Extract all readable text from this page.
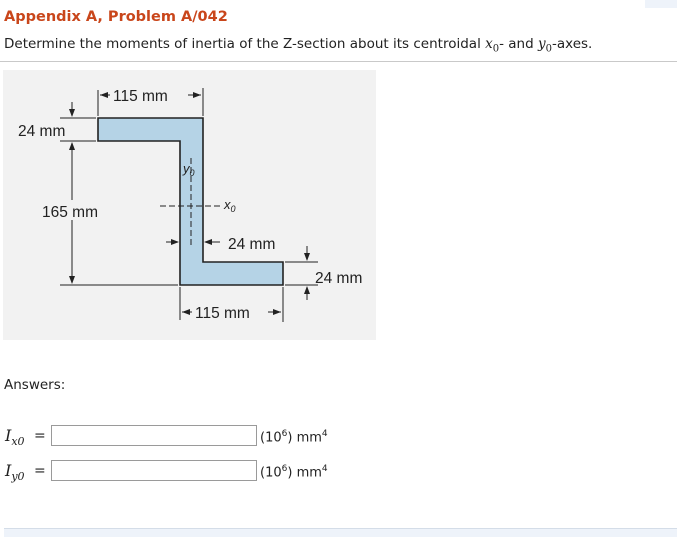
Appendix A, Problem A/042
Determine the moments of inertia of the Z-section about its centroidal $x_0-$ and $y_0$-axes.
115 mm
24 mm
165 mm
$y_0$
$x_0$
24 mm
24 mm
115 mm
Answers:
$I_{x0}$ =	$(10^6)$ $mm^4$
$I_{y0}$ =	$(10^6)$ $mm^4$
